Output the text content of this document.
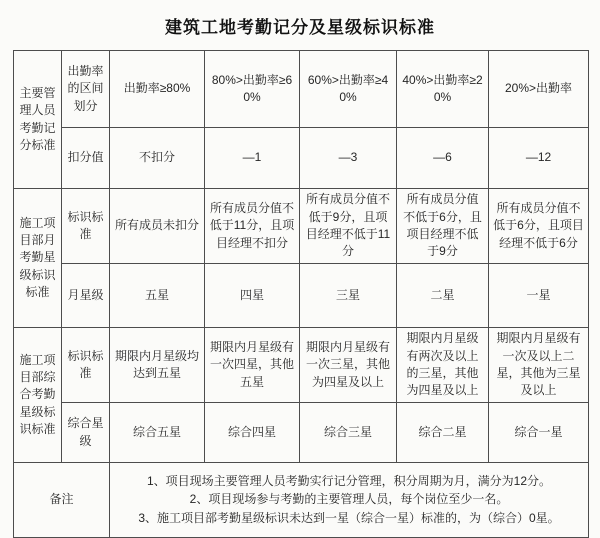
建筑工地考勤记分及星级标识标准
主要管理人员考勤记分标准	出勤率的区间划分	出勤率≥80%	80%>出勤率≥60%	60%>出勤率≥40%	40%>出勤率≥20%	20%>出勤率
	扣分值	不扣分	—1	—3	—6	—12
施工项目部月考勤星级标识标准	标识标准	所有成员未扣分	所有成员分值不低于11分，且项目经理不扣分	所有成员分值不低于9分，且项目经理不低于11分	所有成员分值不低于6分，且项目经理不低于9分	所有成员分值不低于6分，且项目经理不低于6分
	月星级	五星	四星	三星	二星	一星
施工项目部综合考勤星级标识标准	标识标准	期限内月星级均达到五星	期限内月星级有一次四星，其他五星	期限内月星级有一次三星，其他为四星及以上	期限内月星级有两次及以上的三星，其他为四星及以上	期限内月星级有一次及以上二星，其他为三星及以上
	综合星级	综合五星	综合四星	综合三星	综合二星	综合一星
备注		1、项目现场主要管理人员考勤实行记分管理，积分周期为月，满分为12分。
2、项目现场参与考勤的主要管理人员，每个岗位至少一名。
3、施工项目部考勤星级标识未达到一星（综合一星）标准的，为（综合）0星。				
